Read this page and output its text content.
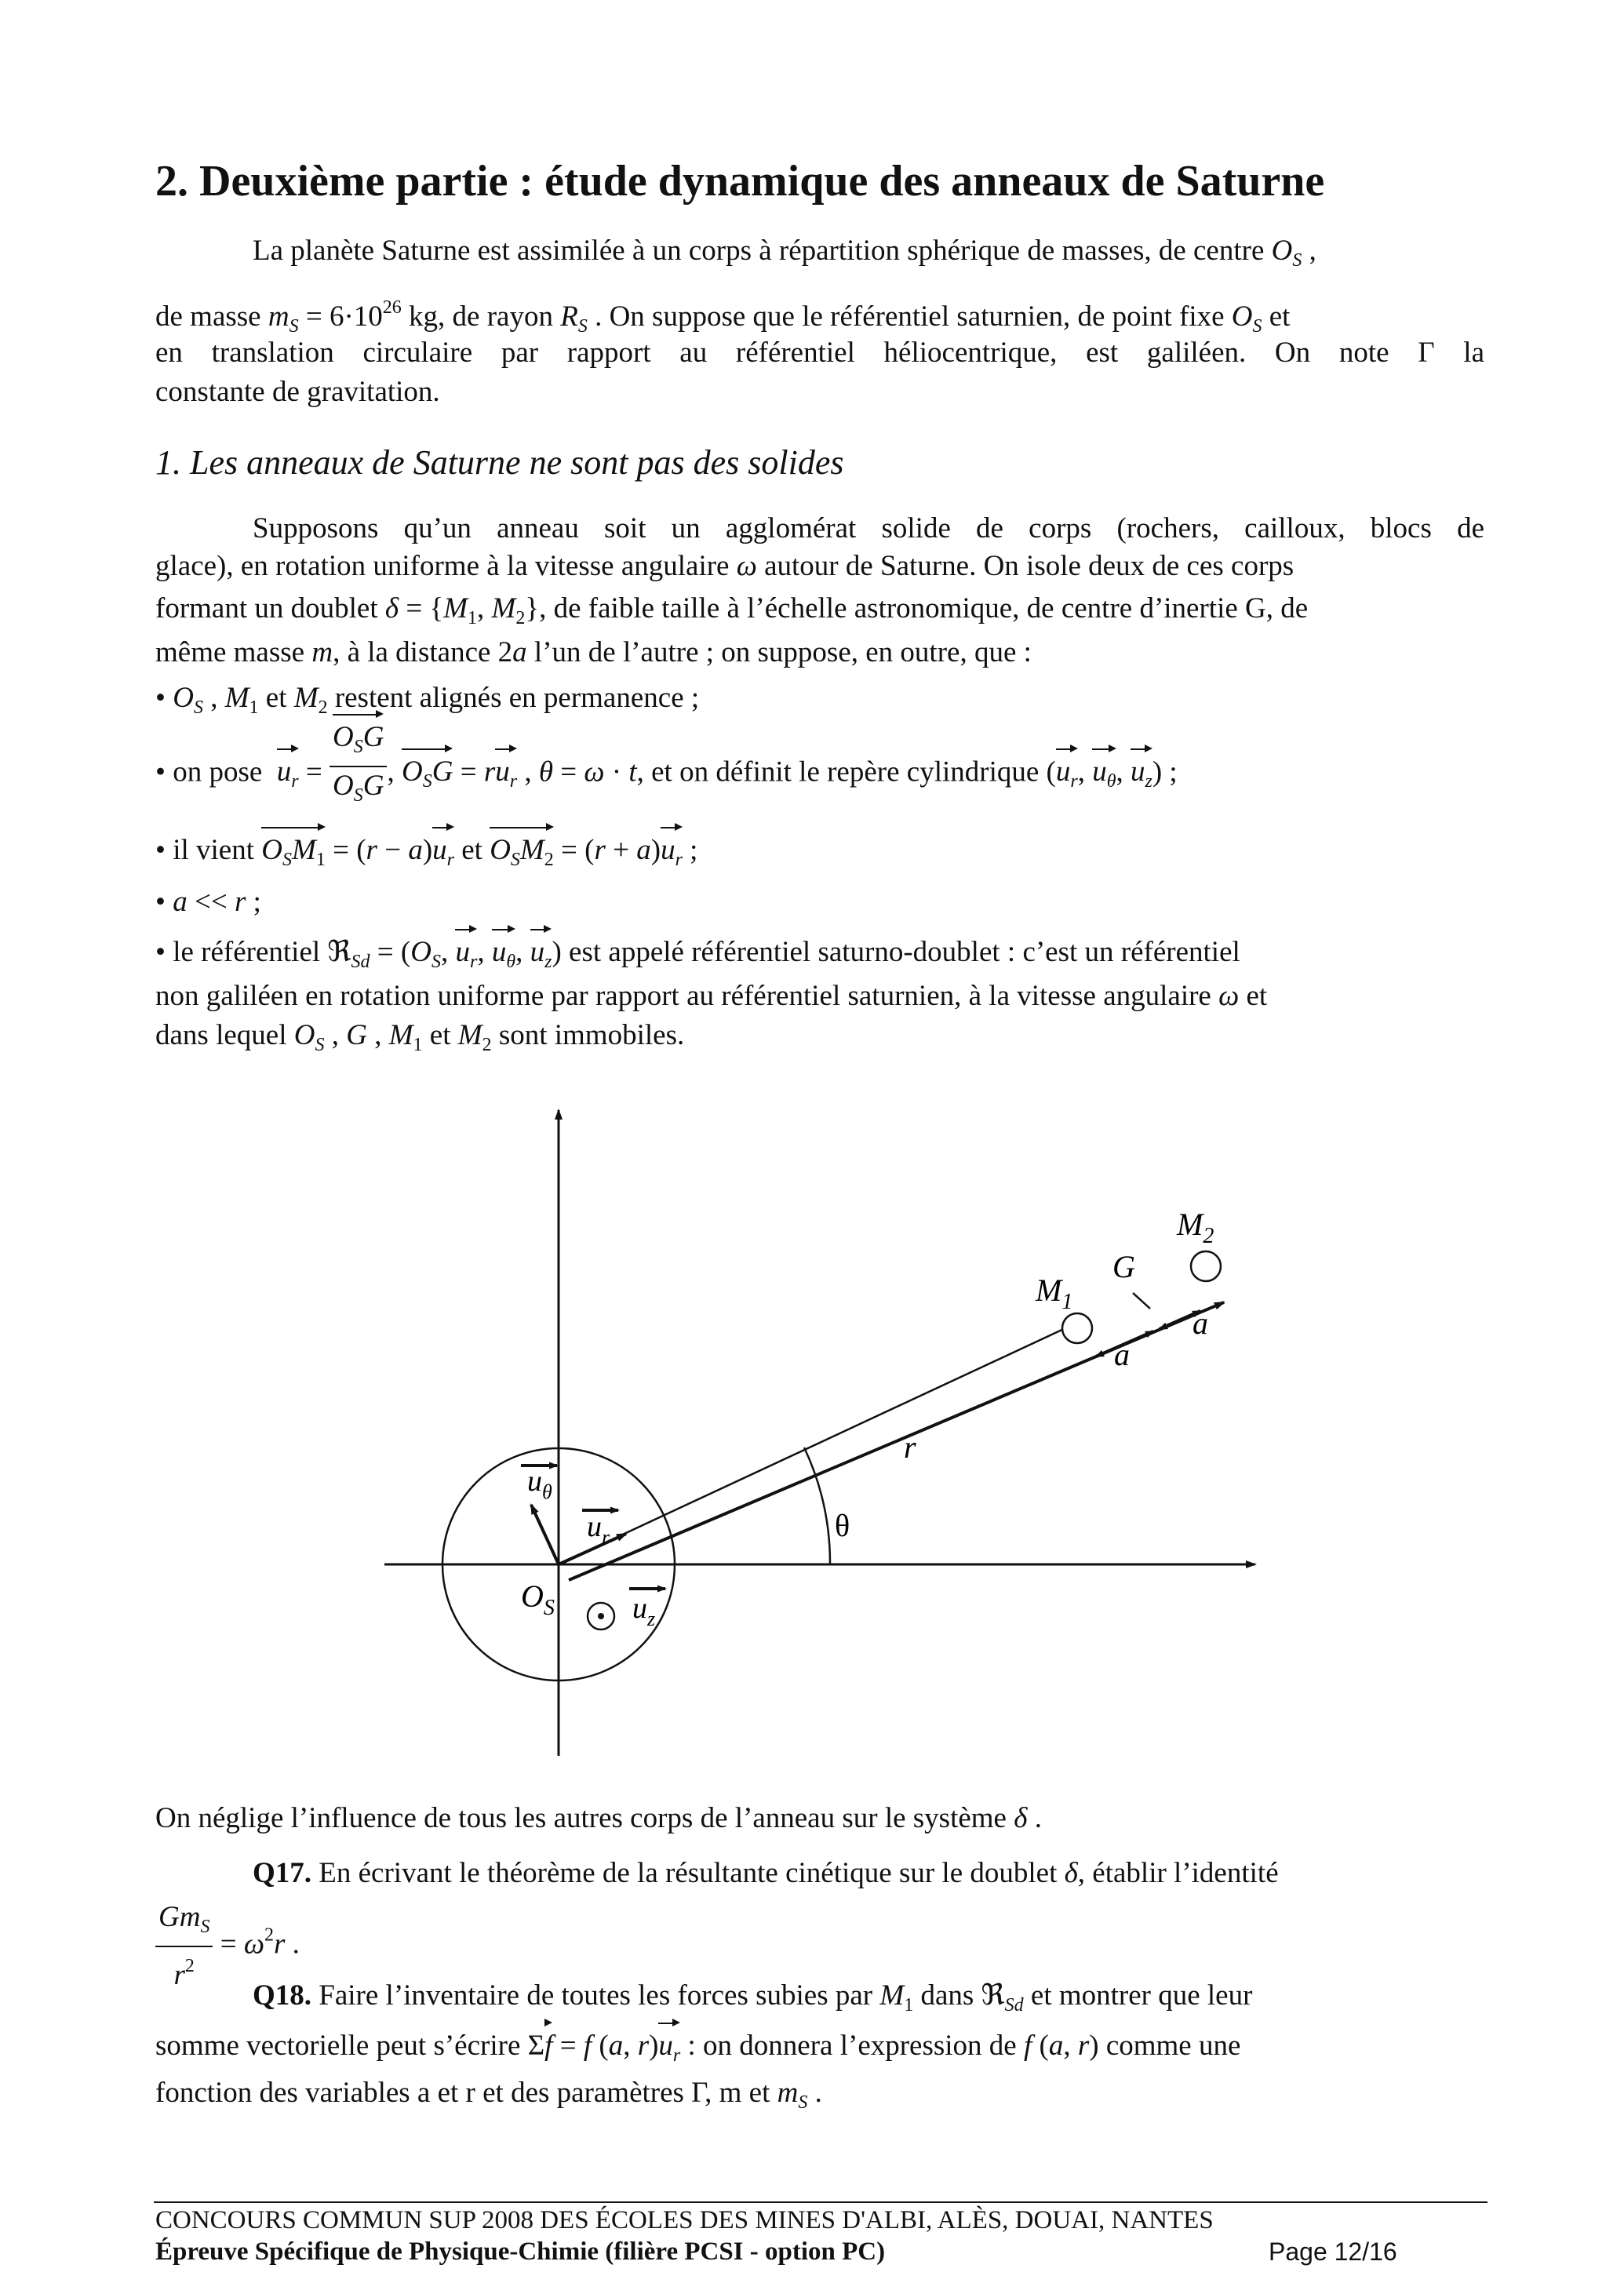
2. Deuxième partie : étude dynamique des anneaux de Saturne
La planète Saturne est assimilée à un corps à répartition sphérique de masses, de centre $O_S$ ,
de masse $m_S = 6\cdot 10^{26}$ kg, de rayon $R_S$ . On suppose que le référentiel saturnien, de point fixe $O_S$ et
en translation circulaire par rapport au référentiel héliocentrique, est galiléen. On note Γ la
constante de gravitation.
1. Les anneaux de Saturne ne sont pas des solides
Supposons qu’un anneau soit un agglomérat solide de corps (rochers, cailloux, blocs de
glace), en rotation uniforme à la vitesse angulaire ω autour de Saturne. On isole deux de ces corps
formant un doublet $\delta = \{M_1$, $M_2$}, de faible taille à l’échelle astronomique, de centre d’inertie G, de
même masse m, à la distance 2a l’un de l’autre ; on suppose, en outre, que :
• $O_S$ , $M_1$ et $M_2$ restent alignés en permanence ;
• on pose $u_r = \frac{O_SG}{O_SG}$ , $O_SG = ru_r$ , θ = ω · t, et on définit le repère cylindrique ($u_r$, $u_\theta$, $u_z$) ;
• il vient $O_SM_1 = (r - a)u_r$ et $O_SM_2 = (r + a)u_r$ ;
• a << r ;
• le référentiel ℜ$_{Sd}$ = ($O_S$, $u_r$, $u_\theta$, $u_z$) est appelé référentiel saturno-doublet : c’est un référentiel
non galiléen en rotation uniforme par rapport au référentiel saturnien, à la vitesse angulaire ω et
dans lequel $O_S$ , G , $M_1$ et $M_2$ sont immobiles.
$u_\theta$
$u_r$
$O_S$	$u_z$
θ
r
a
a
$M_1$
G
$M_2$
On néglige l’influence de tous les autres corps de l’anneau sur le système δ .
Q17. En écrivant le théorème de la résultante cinétique sur le doublet δ, établir l’identité
$\frac{Gm_S}{r^2} = \omega^2r$ .
Q18. Faire l’inventaire de toutes les forces subies par $M_1$ dans ℜ$_{Sd}$ et montrer que leur
somme vectorielle peut s’écrire Σf = f (a, $r)u_r$ : on donnera l’expression de f (a, r) comme une
fonction des variables a et r et des paramètres Γ, m et $m_S$ .
CONCOURS COMMUN SUP 2008 DES ÉCOLES DES MINES D'ALBI, ALÈS, DOUAI, NANTES
Épreuve Spécifique de Physique-Chimie (filière PCSI - option PC)	Page 12/16
